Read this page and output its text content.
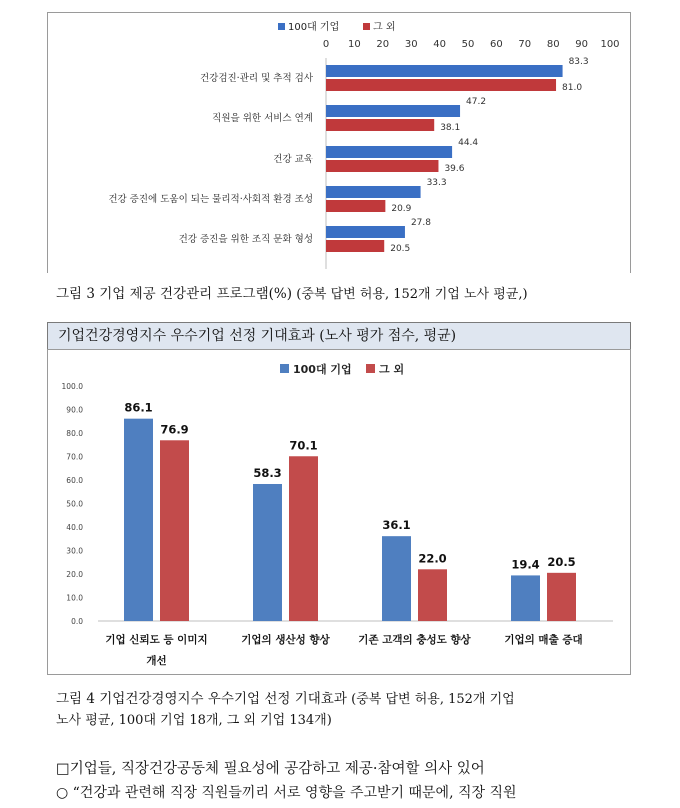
100대 기업	그 외
0 10 20 30 40 50 60 70 80 90 100
건강검진·관리 및 추적 검사
83.3
81.0
직원을 위한 서비스 연계
47.2
38.1
건강 교육
44.4
39.6
건강 증진에 도움이 되는 물리적·사회적 환경 조성
33.3
20.9
건강 증진을 위한 조직 문화 형성
27.8
20.5
그림 3 기업 제공 건강관리 프로그램(%) (중복 답변 허용, 152개 기업 노사 평균,)
기업건강경영지수 우수기업 선정 기대효과 (노사 평가 점수, 평균)
100대 기업 그 외
0.0
10.0
20.0
30.0
40.0
50.0
60.0
70.0
80.0
90.0
100.0
86.1
76.9
기업 신뢰도 등 이미지
개선
58.3
70.1
기업의 생산성 향상
36.1
22.0
기존 고객의 충성도 향상
19.4 20.5
기업의 매출 증대
그림 4 기업건강경영지수 우수기업 선정 기대효과 (중복 답변 허용, 152개 기업
노사 평균, 100대 기업 18개, 그 외 기업 134개)
□기업들, 직장건강공동체 필요성에 공감하고 제공·참여할 의사 있어
○ “건강과 관련해 직장 직원들끼리 서로 영향을 주고받기 때문에, 직장 직원
